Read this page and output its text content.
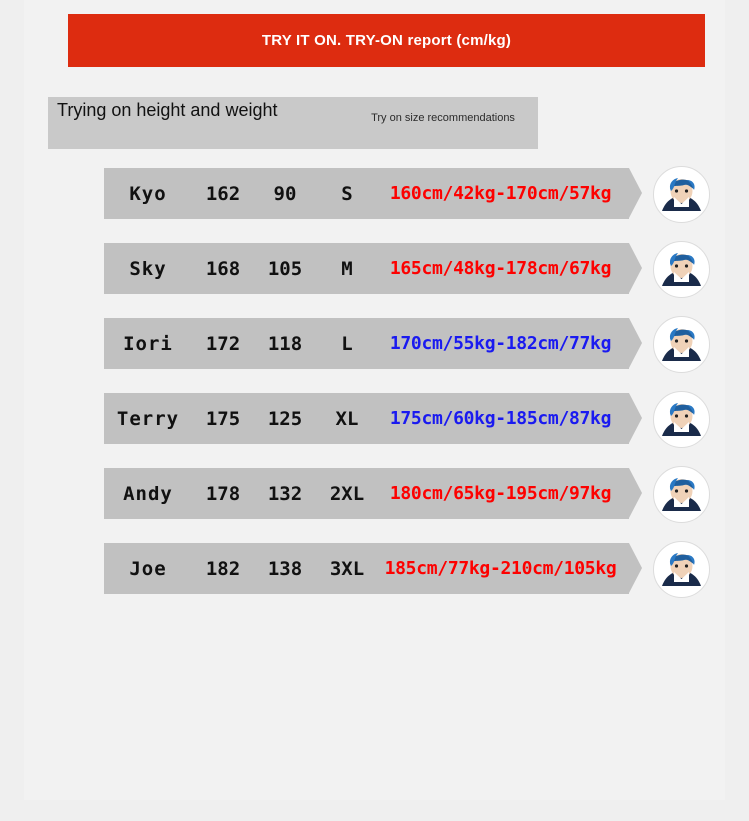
TRY IT ON. TRY-ON report (cm/kg)
Trying on height and weight	Try on size recommendations
Kyo	162	90	S	160cm/42kg-170cm/57kg
Sky	168	105	M	165cm/48kg-178cm/67kg
Iori	172	118	L	170cm/55kg-182cm/77kg
Terry	175	125	XL	175cm/60kg-185cm/87kg
Andy	178	132	2XL	180cm/65kg-195cm/97kg
Joe	182	138	3XL	185cm/77kg-210cm/105kg
